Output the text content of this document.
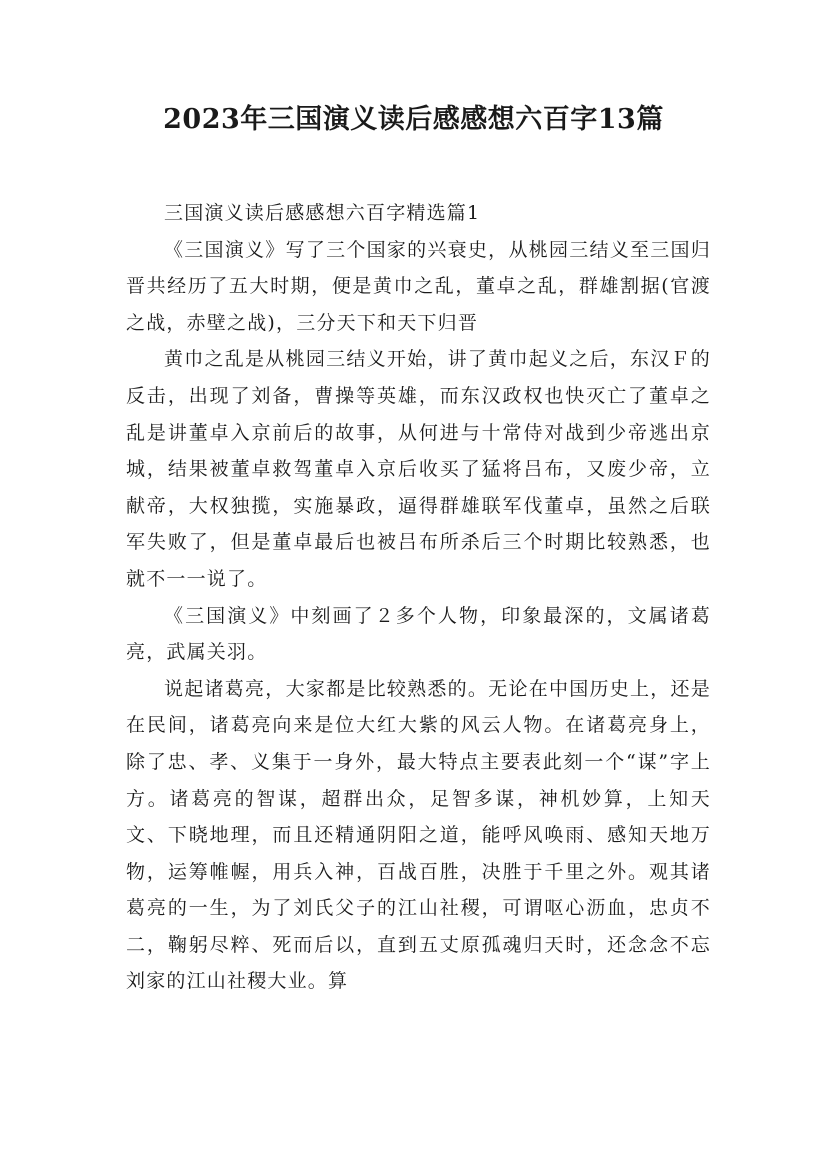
2023年三国演义读后感感想六百字13篇

三国演义读后感感想六百字精选篇1

《三国演义》写了三个国家的兴衰史，从桃园三结义至三国归晋共经历了五大时期，便是黄巾之乱，董卓之乱，群雄割据(官渡之战，赤壁之战)，三分天下和天下归晋

黄巾之乱是从桃园三结义开始，讲了黄巾起义之后，东汉Ｆ的反击，出现了刘备，曹操等英雄，而东汉政权也快灭亡了董卓之乱是讲董卓入京前后的故事，从何进与十常侍对战到少帝逃出京城，结果被董卓救驾董卓入京后收买了猛将吕布，又废少帝，立献帝，大权独揽，实施暴政，逼得群雄联军伐董卓，虽然之后联军失败了，但是董卓最后也被吕布所杀后三个时期比较熟悉，也就不一一说了。

《三国演义》中刻画了２多个人物，印象最深的，文属诸葛亮，武属关羽。

说起诸葛亮，大家都是比较熟悉的。无论在中国历史上，还是在民间，诸葛亮向来是位大红大紫的风云人物。在诸葛亮身上，除了忠、孝、义集于一身外，最大特点主要表此刻一个“谋”字上方。诸葛亮的智谋，超群出众，足智多谋，神机妙算，上知天文、下晓地理，而且还精通阴阳之道，能呼风唤雨、感知天地万物，运筹帷幄，用兵入神，百战百胜，决胜于千里之外。观其诸葛亮的一生，为了刘氏父子的江山社稷，可谓呕心沥血，忠贞不二，鞠躬尽粹、死而后以，直到五丈原孤魂归天时，还念念不忘刘家的江山社稷大业。算
